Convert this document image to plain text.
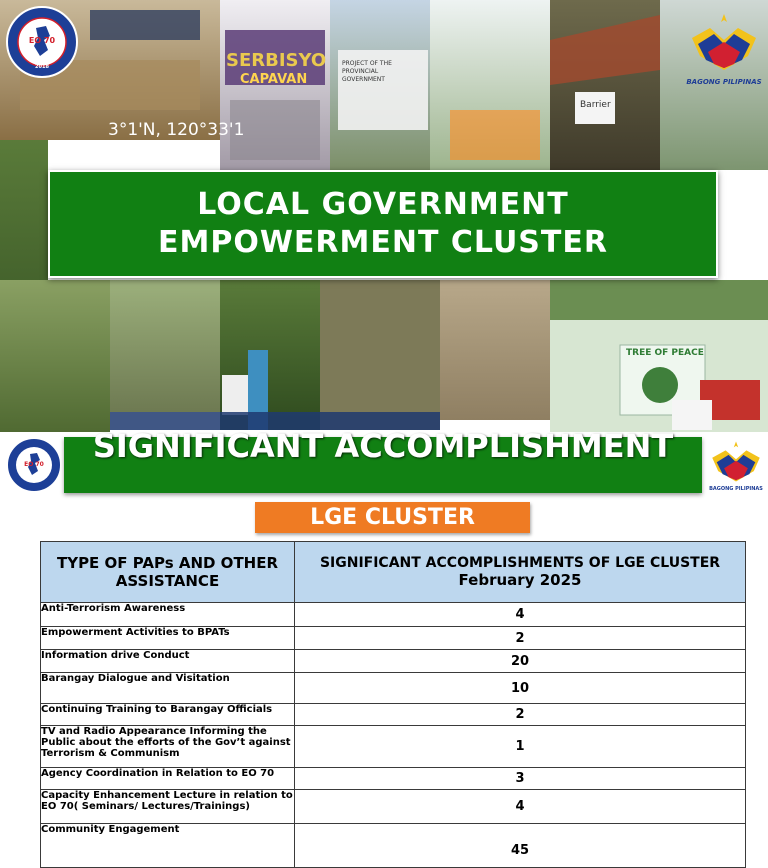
SERBISYO
CAPAVAN
3°1'N, 120°33'1
accuracy 4m
PROJECT OF THE PROVINCIAL GOVERNMENT
Barrier
TREE OF PEACE
EO 70
2018
BAGONG PILIPINAS
LOCAL GOVERNMENT
EMPOWERMENT CLUSTER
EO 70	SIGNIFICANT ACCOMPLISHMENT
BAGONG PILIPINAS
LGE CLUSTER
TYPE OF PAPs AND OTHER ASSISTANCE	SIGNIFICANT ACCOMPLISHMENTS OF LGE CLUSTER
February 2025

Anti-Terrorism Awareness	4
Empowerment Activities to BPATs	2
Information drive Conduct	20
Barangay Dialogue and Visitation	10
Continuing Training to Barangay Officials	2
TV and Radio Appearance Informing the Public about the efforts of the Gov’t against Terrorism & Communism	1
Agency Coordination in Relation to EO 70	3
Capacity Enhancement Lecture in relation to EO 70( Seminars/ Lectures/Trainings)	4
Community Engagement	45
